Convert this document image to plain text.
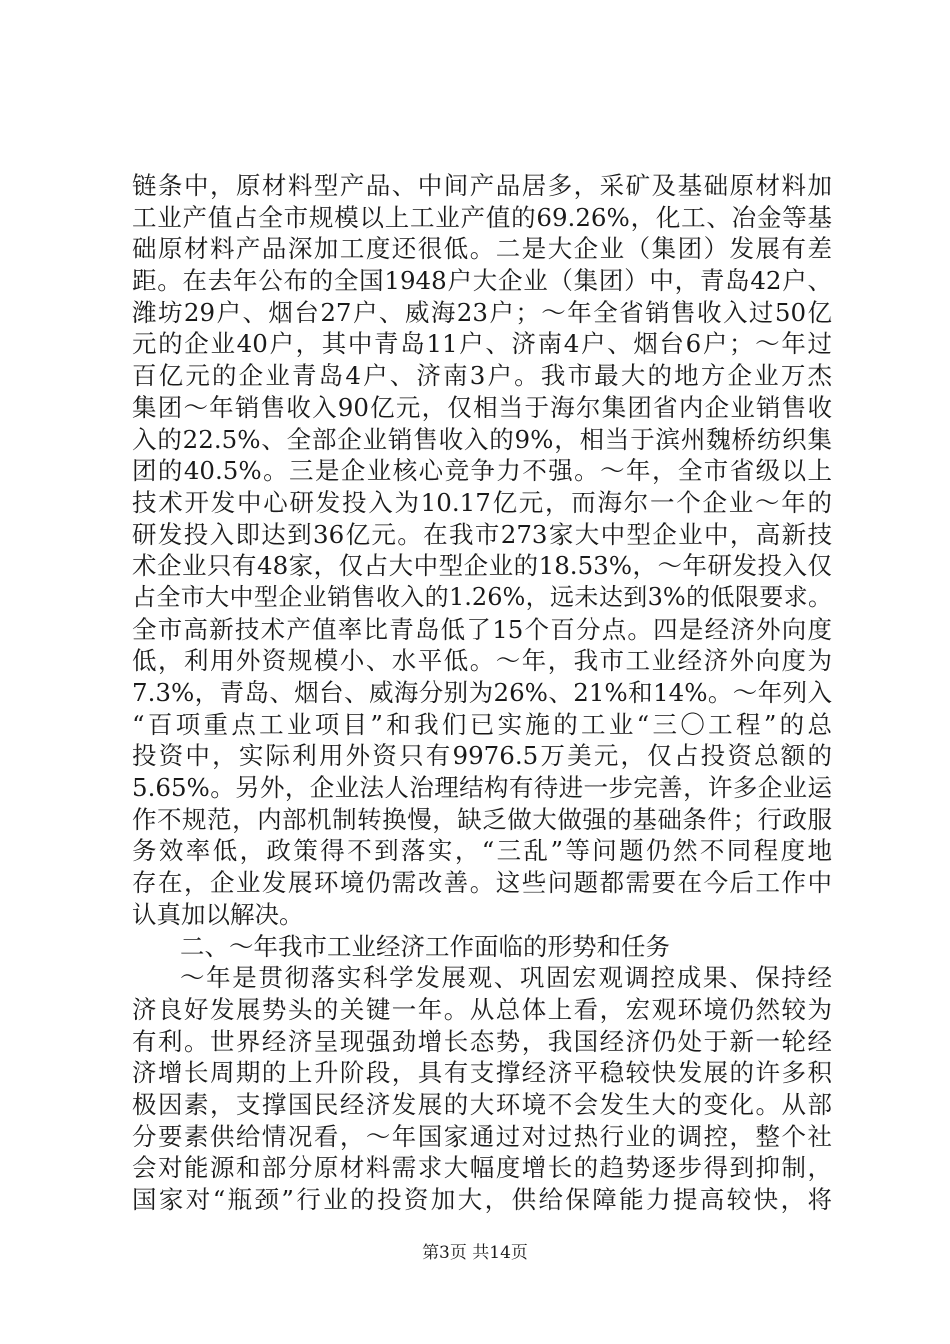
链条中，原材料型产品、中间产品居多，采矿及基础原材料加
工业产值占全市规模以上工业产值的69.26%，化工、冶金等基
础原材料产品深加工度还很低。二是大企业（集团）发展有差
距。在去年公布的全国1948户大企业（集团）中，青岛42户、
潍坊29户、烟台27户、威海23户；～年全省销售收入过50亿
元的企业40户，其中青岛11户、济南4户、烟台6户；～年过
百亿元的企业青岛4户、济南3户。我市最大的地方企业万杰
集团～年销售收入90亿元，仅相当于海尔集团省内企业销售收
入的22.5%、全部企业销售收入的9%，相当于滨州魏桥纺织集
团的40.5%。三是企业核心竞争力不强。～年，全市省级以上
技术开发中心研发投入为10.17亿元，而海尔一个企业～年的
研发投入即达到36亿元。在我市273家大中型企业中，高新技
术企业只有48家，仅占大中型企业的18.53%，～年研发投入仅
占全市大中型企业销售收入的1.26%，远未达到3%的低限要求。
全市高新技术产值率比青岛低了15个百分点。四是经济外向度
低，利用外资规模小、水平低。～年，我市工业经济外向度为
7.3%，青岛、烟台、威海分别为26%、21%和14%。～年列入
“百项重点工业项目”和我们已实施的工业“三〇工程”的总
投资中，实际利用外资只有9976.5万美元，仅占投资总额的
5.65%。另外，企业法人治理结构有待进一步完善，许多企业运
作不规范，内部机制转换慢，缺乏做大做强的基础条件；行政服
务效率低，政策得不到落实，“三乱”等问题仍然不同程度地
存在，企业发展环境仍需改善。这些问题都需要在今后工作中
认真加以解决。
二、～年我市工业经济工作面临的形势和任务
～年是贯彻落实科学发展观、巩固宏观调控成果、保持经
济良好发展势头的关键一年。从总体上看，宏观环境仍然较为
有利。世界经济呈现强劲增长态势，我国经济仍处于新一轮经
济增长周期的上升阶段，具有支撑经济平稳较快发展的许多积
极因素，支撑国民经济发展的大环境不会发生大的变化。从部
分要素供给情况看，～年国家通过对过热行业的调控，整个社
会对能源和部分原材料需求大幅度增长的趋势逐步得到抑制，
国家对“瓶颈”行业的投资加大，供给保障能力提高较快，将
第3页 共14页
